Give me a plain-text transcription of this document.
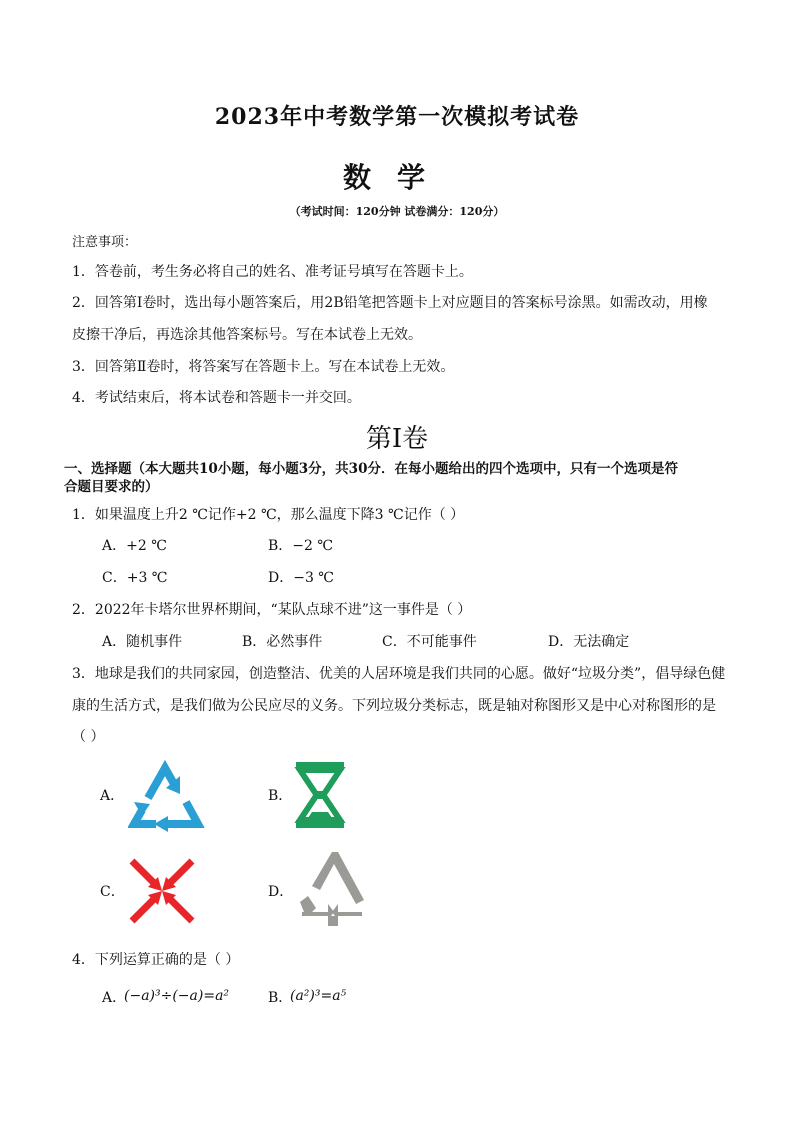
2023年中考数学第一次模拟考试卷
数学
（考试时间：120分钟 试卷满分：120分）
注意事项：
1．答卷前，考生务必将自己的姓名、准考证号填写在答题卡上。
2．回答第Ⅰ卷时，选出每小题答案后，用2B铅笔把答题卡上对应题目的答案标号涂黑。如需改动，用橡
皮擦干净后，再选涂其他答案标号。写在本试卷上无效。
3．回答第Ⅱ卷时，将答案写在答题卡上。写在本试卷上无效。
4．考试结束后，将本试卷和答题卡一并交回。
第Ⅰ卷
一、选择题（本大题共10小题，每小题3分，共30分．在每小题给出的四个选项中，只有一个选项是符
合题目要求的）
1．如果温度上升2 ℃记作+2 ℃，那么温度下降3 ℃记作（ ）
A．+2 ℃	B．−2 ℃
C．+3 ℃	D．−3 ℃
2．2022年卡塔尔世界杯期间，“某队点球不进”这一事件是（ ）
A．随机事件	B．必然事件	C．不可能事件	D．无法确定
3．地球是我们的共同家园，创造整洁、优美的人居环境是我们共同的心愿。做好“垃圾分类”，倡导绿色健
康的生活方式，是我们做为公民应尽的义务。下列垃圾分类标志，既是轴对称图形又是中心对称图形的是
（ ）
A．	B．
C．	D．
4．下列运算正确的是（ ）
A．
(−a)³÷(−a)=a²	B．
(a²)³=a⁵
